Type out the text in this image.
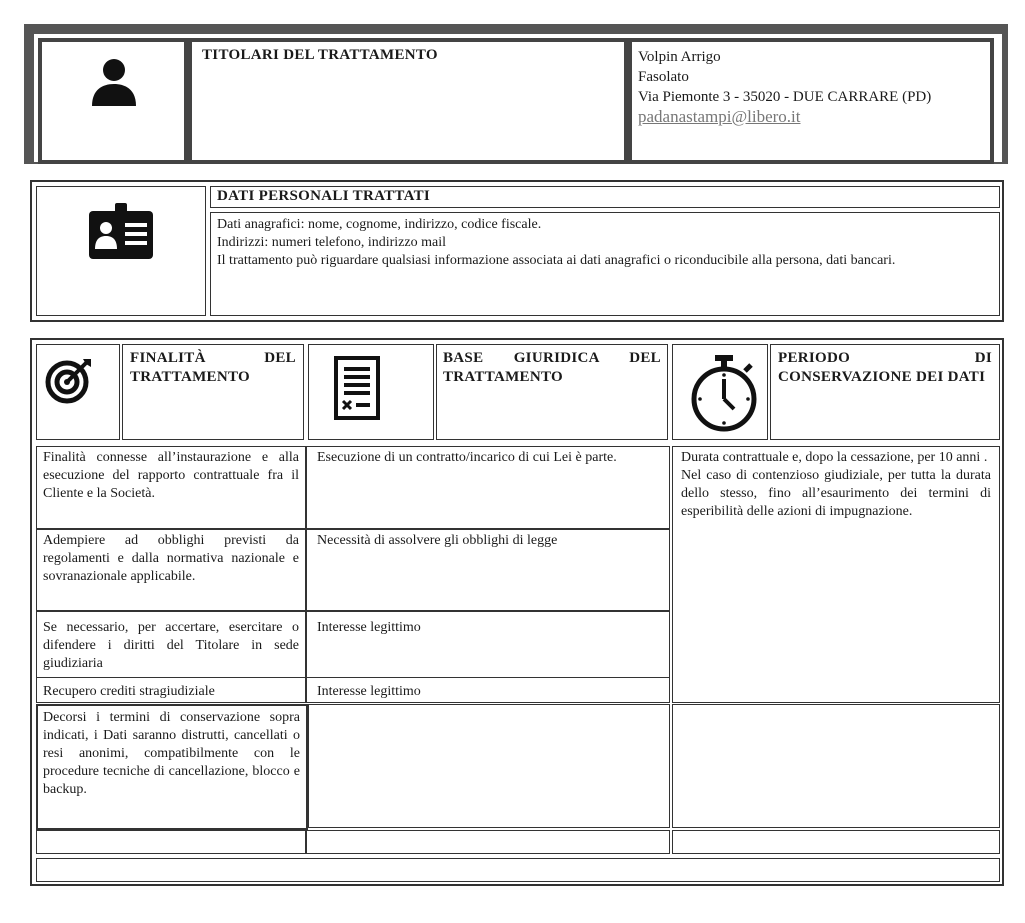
TITOLARI DEL TRATTAMENTO	Volpin Arrigo
Fasolato
Via Piemonte 3 - 35020 - DUE CARRARE (PD)
padanastampi@libero.it
DATI PERSONALI TRATTATI
Dati anagrafici: nome, cognome, indirizzo, codice fiscale.
Indirizzi: numeri telefono, indirizzo mail
Il trattamento può riguardare qualsiasi informazione associata ai dati anagrafici o riconducibile alla persona, dati bancari.
FINALITÀ DEL TRATTAMENTO
BASE GIURIDICA DEL TRATTAMENTO
PERIODO DI CONSERVAZIONE DEI DATI
Finalità connesse all’instaurazione e alla esecuzione del rapporto contrattuale fra il Cliente e la Società.
Esecuzione di un contratto/incarico di cui Lei è parte.
Adempiere ad obblighi previsti da regolamenti e dalla normativa nazionale e sovranazionale applicabile.
Necessità di assolvere gli obblighi di legge
Se necessario, per accertare, esercitare o difendere i diritti del Titolare in sede giudiziaria
Interesse legittimo
Recupero crediti stragiudiziale	Interesse legittimo
Durata contrattuale e, dopo la cessazione, per 10 anni .
Nel caso di contenzioso giudiziale, per tutta la durata dello stesso, fino all’esaurimento dei termini di esperibilità delle azioni di impugnazione.
Decorsi i termini di conservazione sopra indicati, i Dati saranno distrutti, cancellati o resi anonimi, compatibilmente con le procedure tecniche di cancellazione, blocco e backup.
